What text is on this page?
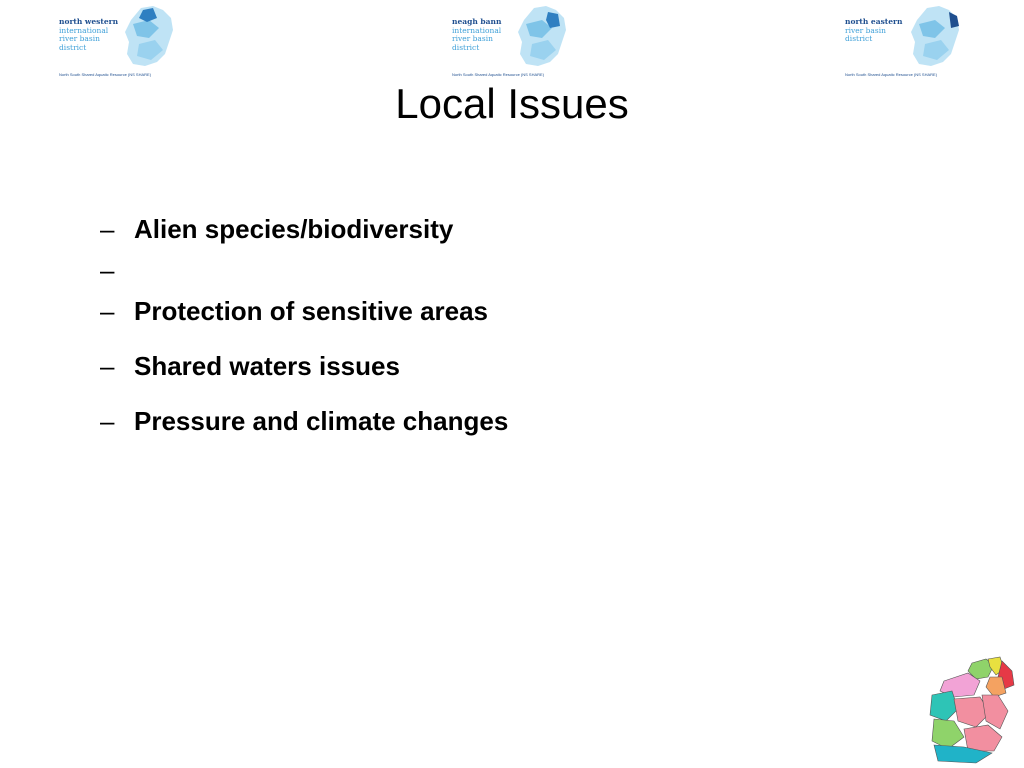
north western
international
river basin district
North South Shared Aquatic Resource (NS SHARE)
neagh bann
international
river basin district
North South Shared Aquatic Resource (NS SHARE)
north eastern
river basin district
North South Shared Aquatic Resource (NS SHARE)
Local Issues
– Alien species/biodiversity
–
– Protection of sensitive areas
– Shared waters issues
– Pressure and climate changes
